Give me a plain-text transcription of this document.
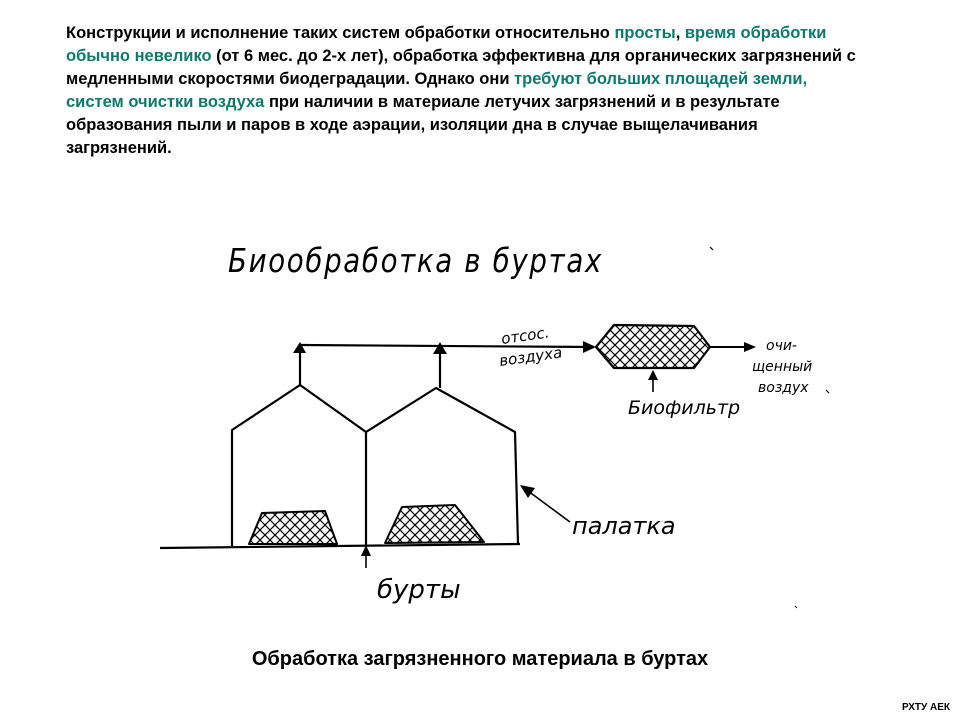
Конструкции и исполнение таких систем обработки относительно просты, время обработки обычно невелико (от 6 мес. до 2-х лет), обработка эффективна для органических загрязнений с медленными скоростями биодеградации. Однако они требуют больших площадей земли, систем очистки воздуха при наличии в материале летучих загрязнений и в результате образования пыли и паров в ходе аэрации, изоляции дна в случае выщелачивания загрязнений.
Биообработка в буртах
отсос.
воздуха	очи-
щенный
воздух
Биофильтр
палатка
бурты
Обработка загрязненного материала в буртах
РХТУ АЕК
